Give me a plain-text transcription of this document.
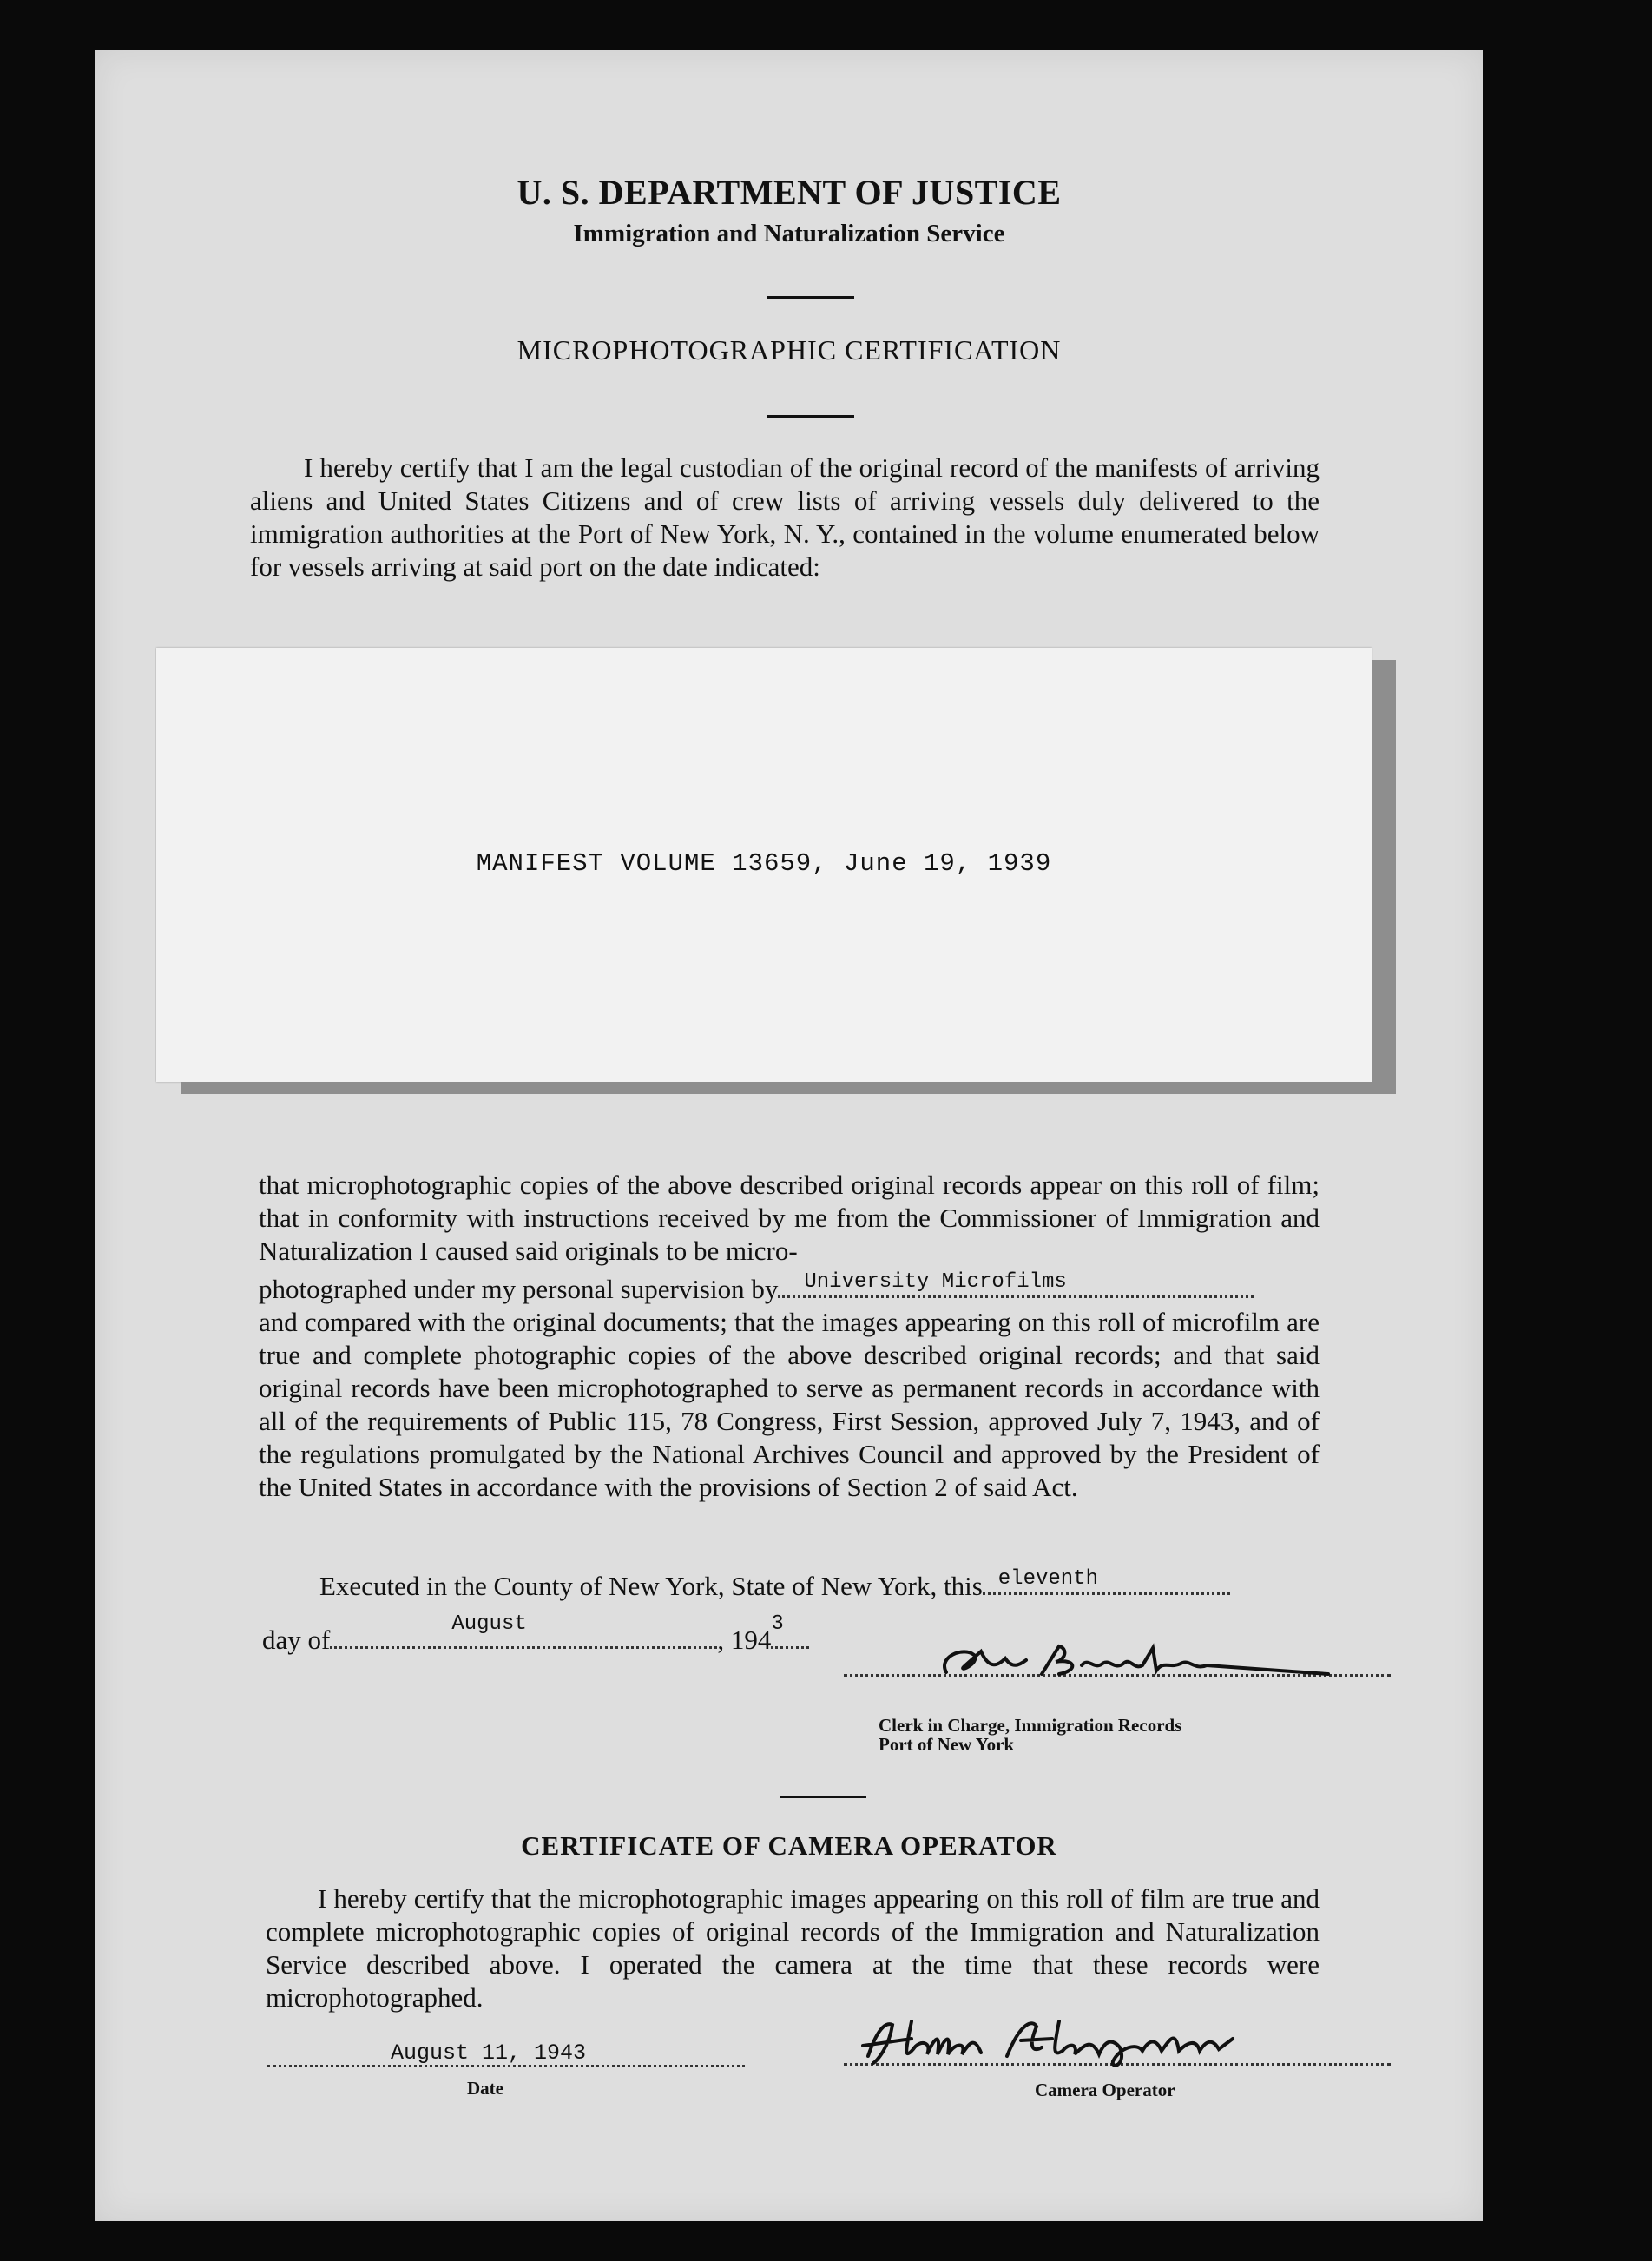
U. S. DEPARTMENT OF JUSTICE
Immigration and Naturalization Service
MICROPHOTOGRAPHIC CERTIFICATION
I hereby certify that I am the legal custodian of the original record of the manifests of arriving aliens and United States Citizens and of crew lists of arriving vessels duly delivered to the immigration authorities at the Port of New York, N. Y., contained in the volume enumerated below for vessels arriving at said port on the date indicated:
MANIFEST VOLUME 13659, June 19, 1939
that microphotographic copies of the above described original records appear on this roll of film; that in conformity with instructions received by me from the Commissioner of Immigration and Naturalization I caused said originals to be micro-
photographed under my personal supervision by University Microfilms
and compared with the original documents; that the images appearing on this roll of microfilm are true and complete photographic copies of the above described original records; and that said original records have been microphotographed to serve as permanent records in accordance with all of the requirements of Public 115, 78 Congress, First Session, approved July 7, 1943, and of the regulations promulgated by the National Archives Council and approved by the President of the United States in accordance with the provisions of Section 2 of said Act.
Executed in the County of New York, State of New York, this eleventh
day of
August
, 194
3
Clerk in Charge, Immigration Records
Port of New York
CERTIFICATE OF CAMERA OPERATOR
I hereby certify that the microphotographic images appearing on this roll of film are true and complete microphotographic copies of original records of the Immigration and Naturalization Service described above. I operated the camera at the time that these records were microphotographed.
August 11, 1943
Date	Camera Operator
